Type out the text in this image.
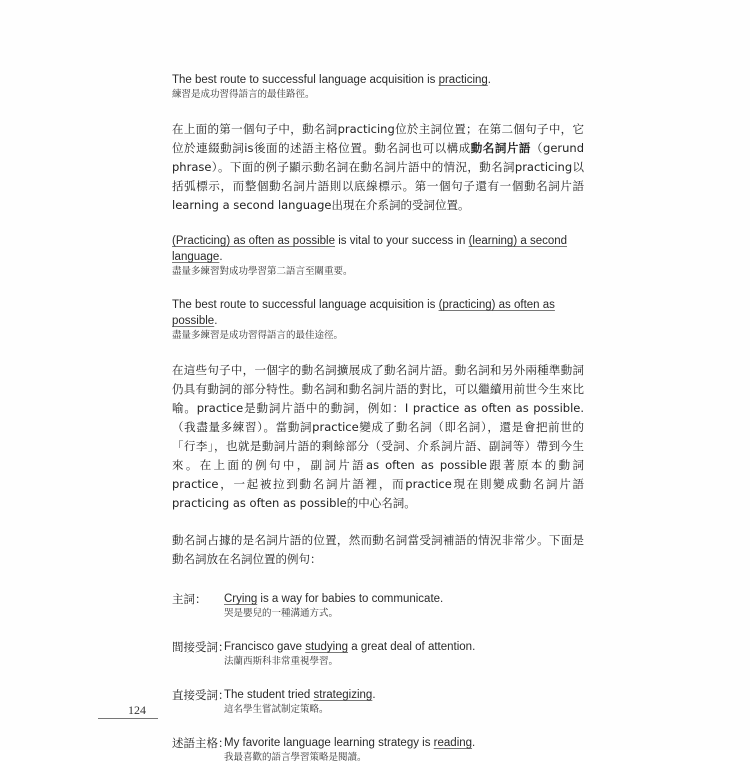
The best route to successful language acquisition is practicing.
練習是成功習得語言的最佳路徑。
在上面的第一個句子中，動名詞practicing位於主詞位置；在第二個句子中，它位於連綴動詞is後面的述語主格位置。動名詞也可以構成動名詞片語（gerund phrase）。下面的例子顯示動名詞在動名詞片語中的情況，動名詞practicing以括弧標示，而整個動名詞片語則以底線標示。第一個句子還有一個動名詞片語learning a second language出現在介系詞的受詞位置。
(Practicing) as often as possible is vital to your success in (learning) a second language.
盡量多練習對成功學習第二語言至關重要。
The best route to successful language acquisition is (practicing) as often as possible.
盡量多練習是成功習得語言的最佳途徑。
在這些句子中，一個字的動名詞擴展成了動名詞片語。動名詞和另外兩種準動詞仍具有動詞的部分特性。動名詞和動名詞片語的對比，可以繼續用前世今生來比喻。practice是動詞片語中的動詞，例如：I practice as often as possible.（我盡量多練習）。當動詞practice變成了動名詞（即名詞），還是會把前世的「行李」，也就是動詞片語的剩餘部分（受詞、介系詞片語、副詞等）帶到今生來。在上面的例句中，副詞片語as often as possible跟著原本的動詞practice，一起被拉到動名詞片語裡，而practice現在則變成動名詞片語practicing as often as possible的中心名詞。
動名詞占據的是名詞片語的位置，然而動名詞當受詞補語的情況非常少。下面是動名詞放在名詞位置的例句：
主詞：	Crying is a way for babies to communicate.
哭是嬰兒的一種溝通方式。
間接受詞：
Francisco gave studying a great deal of attention.
法蘭西斯科非常重視學習。
直接受詞：
The student tried strategizing.
這名學生嘗試制定策略。
述語主格：
My favorite language learning strategy is reading.
我最喜歡的語言學習策略是閱讀。
124
